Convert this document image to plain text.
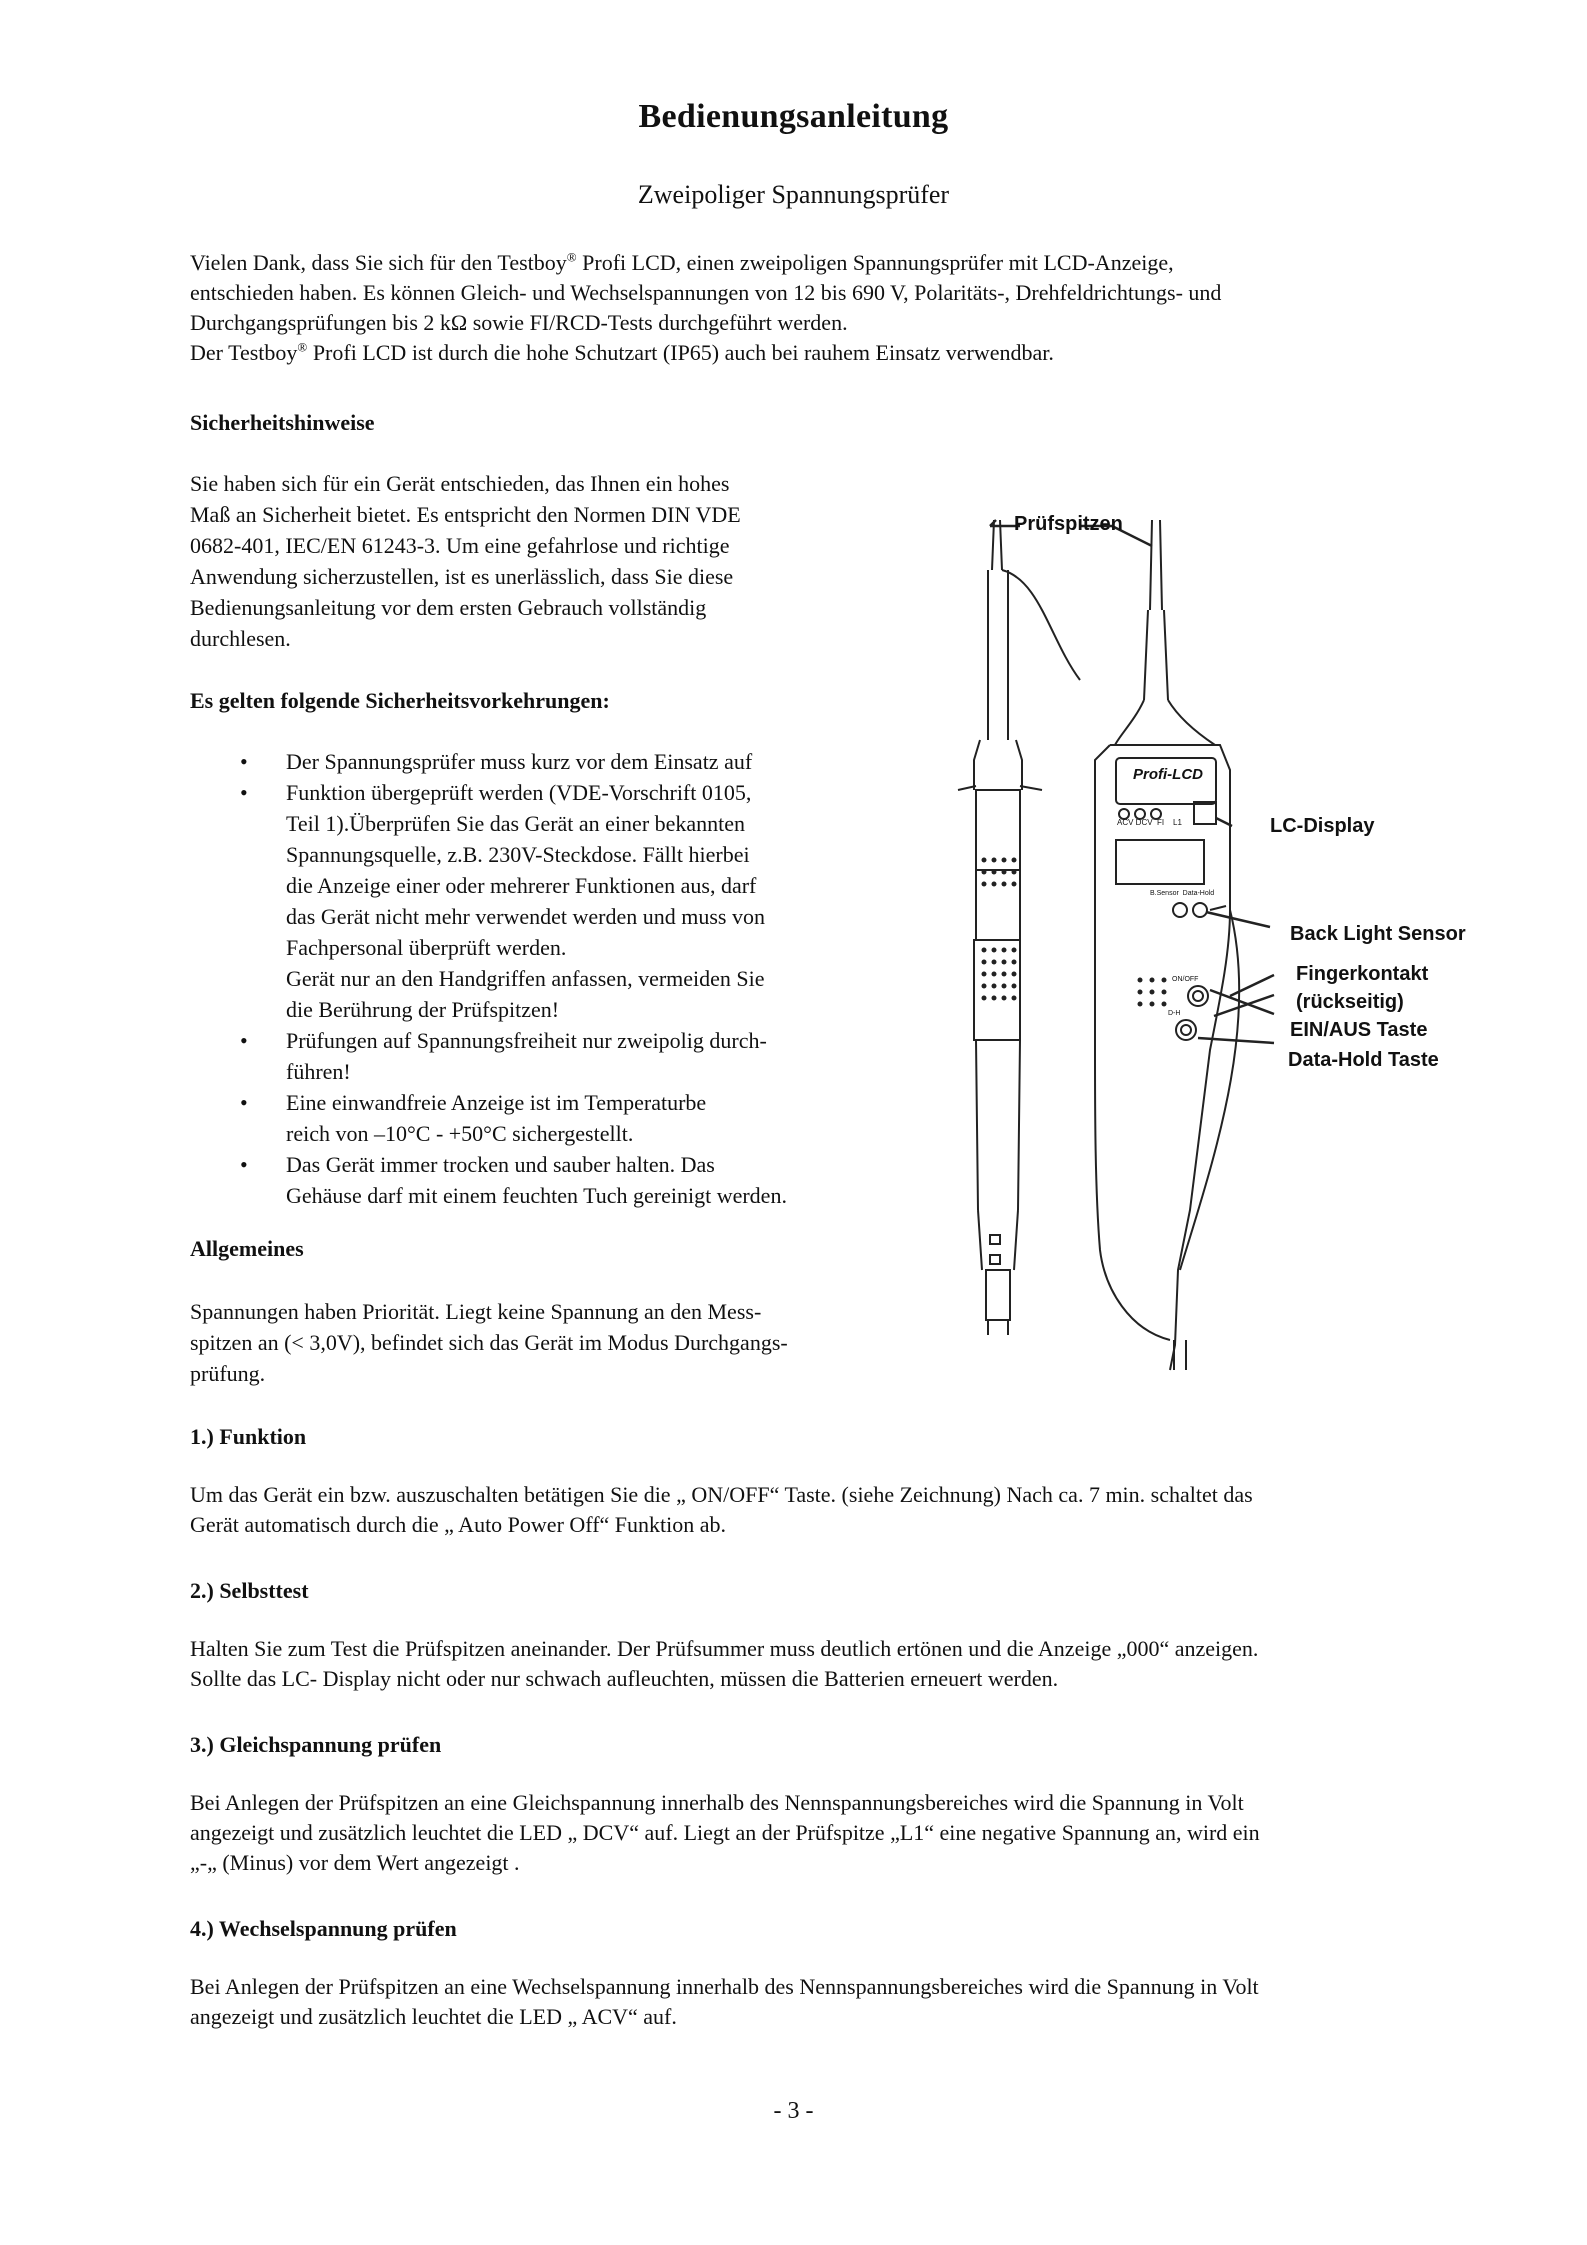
Bedienungsanleitung
Zweipoliger Spannungsprüfer
Vielen Dank, dass Sie sich für den Testboy® Profi LCD, einen zweipoligen Spannungsprüfer mit LCD-Anzeige,
entschieden haben. Es können Gleich- und Wechselspannungen von 12 bis 690 V, Polaritäts-, Drehfeldrichtungs- und
Durchgangsprüfungen bis 2 kΩ sowie FI/RCD-Tests durchgeführt werden.
Der Testboy® Profi LCD ist durch die hohe Schutzart (IP65) auch bei rauhem Einsatz verwendbar.
Sicherheitshinweise
Sie haben sich für ein Gerät entschieden, das Ihnen ein hohes
Maß an Sicherheit bietet. Es entspricht den Normen DIN VDE
0682-401, IEC/EN 61243-3. Um eine gefahrlose und richtige
Anwendung sicherzustellen, ist es unerlässlich, dass Sie diese
Bedienungsanleitung vor dem ersten Gebrauch vollständig
durchlesen.
Es gelten folgende Sicherheitsvorkehrungen:
• Der Spannungsprüfer muss kurz vor dem Einsatz auf
• Funktion übergeprüft werden (VDE-Vorschrift 0105,
Teil 1).Überprüfen Sie das Gerät an einer bekannten
Spannungsquelle, z.B. 230V-Steckdose. Fällt hierbei
die Anzeige einer oder mehrerer Funktionen aus, darf
das Gerät nicht mehr verwendet werden und muss von
Fachpersonal überprüft werden.
Gerät nur an den Handgriffen anfassen, vermeiden Sie
die Berührung der Prüfspitzen!
• Prüfungen auf Spannungsfreiheit nur zweipolig durch-
führen!
• Eine einwandfreie Anzeige ist im Temperaturbe
reich von –10°C - +50°C sichergestellt.
• Das Gerät immer trocken und sauber halten. Das
Gehäuse darf mit einem feuchten Tuch gereinigt werden.
Allgemeines
Spannungen haben Priorität. Liegt keine Spannung an den Mess-
spitzen an (< 3,0V), befindet sich das Gerät im Modus Durchgangs-
prüfung.
1.) Funktion
Um das Gerät ein bzw. auszuschalten betätigen Sie die „ ON/OFF“ Taste. (siehe Zeichnung) Nach ca. 7 min. schaltet das
Gerät automatisch durch die „ Auto Power Off“ Funktion ab.
2.) Selbsttest
Halten Sie zum Test die Prüfspitzen aneinander. Der Prüfsummer muss deutlich ertönen und die Anzeige „000“ anzeigen.
Sollte das LC- Display nicht oder nur schwach aufleuchten, müssen die Batterien erneuert werden.
3.) Gleichspannung prüfen
Bei Anlegen der Prüfspitzen an eine Gleichspannung innerhalb des Nennspannungsbereiches wird die Spannung in Volt
angezeigt und zusätzlich leuchtet die LED „ DCV“ auf. Liegt an der Prüfspitze „L1“ eine negative Spannung an, wird ein
„-„ (Minus) vor dem Wert angezeigt .
4.) Wechselspannung prüfen
Bei Anlegen der Prüfspitzen an eine Wechselspannung innerhalb des Nennspannungsbereiches wird die Spannung in Volt
angezeigt und zusätzlich leuchtet die LED „ ACV“ auf.
- 3 -
Prüfspitzen
LC-Display
Back Light Sensor
Fingerkontakt
(rückseitig)
EIN/AUS Taste
Data-Hold Taste
Profi-LCD
ACV DCV  FI    L1
B.Sensor  Data-Hold
ON/OFF
D-H
